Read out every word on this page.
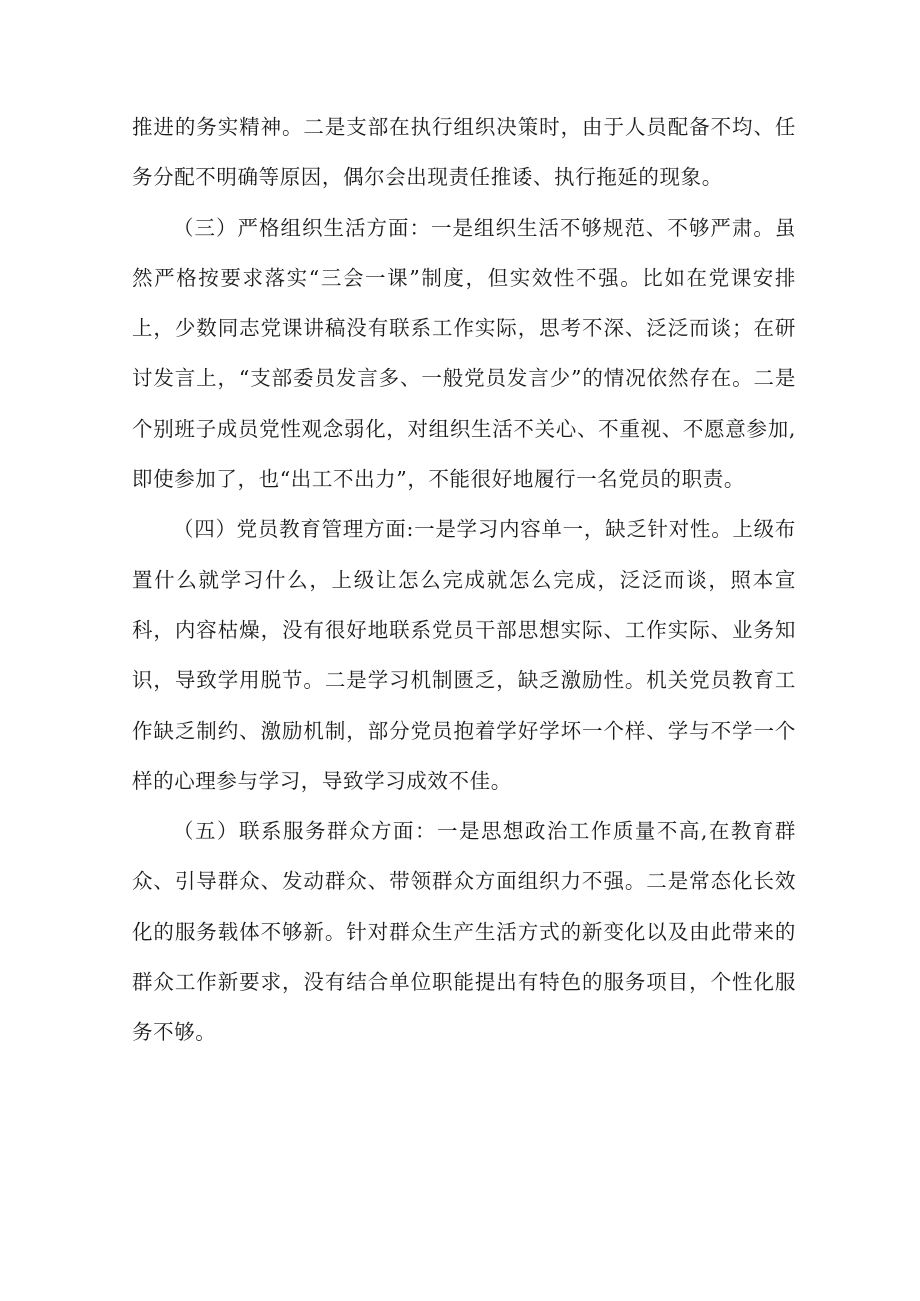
推进的务实精神。二是支部在执行组织决策时，由于人员配备不均、任务分配不明确等原因，偶尔会出现责任推诿、执行拖延的现象。

（三）严格组织生活方面：一是组织生活不够规范、不够严肃。虽然严格按要求落实“三会一课”制度，但实效性不强。比如在党课安排上，少数同志党课讲稿没有联系工作实际，思考不深、泛泛而谈；在研讨发言上，“支部委员发言多、一般党员发言少”的情况依然存在。二是个别班子成员党性观念弱化，对组织生活不关心、不重视、不愿意参加,即使参加了，也“出工不出力”，不能很好地履行一名党员的职责。

（四）党员教育管理方面:一是学习内容单一，缺乏针对性。上级布置什么就学习什么，上级让怎么完成就怎么完成，泛泛而谈，照本宣科，内容枯燥，没有很好地联系党员干部思想实际、工作实际、业务知识，导致学用脱节。二是学习机制匮乏，缺乏激励性。机关党员教育工作缺乏制约、激励机制，部分党员抱着学好学坏一个样、学与不学一个样的心理参与学习，导致学习成效不佳。

（五）联系服务群众方面：一是思想政治工作质量不高,在教育群众、引导群众、发动群众、带领群众方面组织力不强。二是常态化长效化的服务载体不够新。针对群众生产生活方式的新变化以及由此带来的群众工作新要求，没有结合单位职能提出有特色的服务项目，个性化服务不够。
